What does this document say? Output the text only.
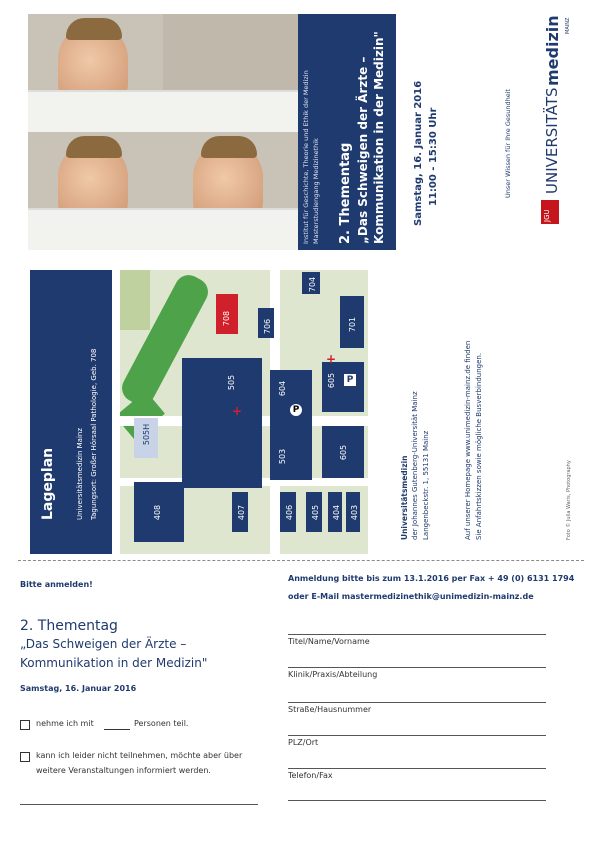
Institut für Geschichte, Theorie und Ethik der Medizin Masterstudiengang Medizinethik 2. Thementag „Das Schweigen der Ärzte – Kommunikation in der Medizin"	Samstag, 16. Januar 2016 11:00 - 15:30 Uhr	Unser Wissen für Ihre Gesundheit
JGU
UNIVERSITÄTS
medizin MAINZ
Lageplan	Universitätsmedizin Mainz Tagungsort: Großer Hörsaal Pathologie, Geb. 708
708
706
704
701
505	605
604
503	605
505H
408	407	406 405 404 403
P
P
+
+
Universitätsmedizin der Johannes Gutenberg-Universität Mainz Langenbeckstr. 1, 55131 Mainz	Auf unserer Homepage www.unimedizin-mainz.de finden Sie Anfahrtskizzen sowie mögliche Busverbindungen.	Foto © Julia Waris, Photography
Bitte anmelden!
2. Thementag
„Das Schweigen der Ärzte –
Kommunikation in der Medizin"
Samstag, 16. Januar 2016
nehme ich mit	Personen teil.
kann ich leider nicht teilnehmen, möchte aber über
weitere Veranstaltungen informiert werden.
Anmeldung bitte bis zum 13.1.2016 per Fax + 49 (0) 6131 1794
oder E-Mail mastermedizinethik@unimedizin-mainz.de
Titel/Name/Vorname
Klinik/Praxis/Abteilung
Straße/Hausnummer
PLZ/Ort
Telefon/Fax
